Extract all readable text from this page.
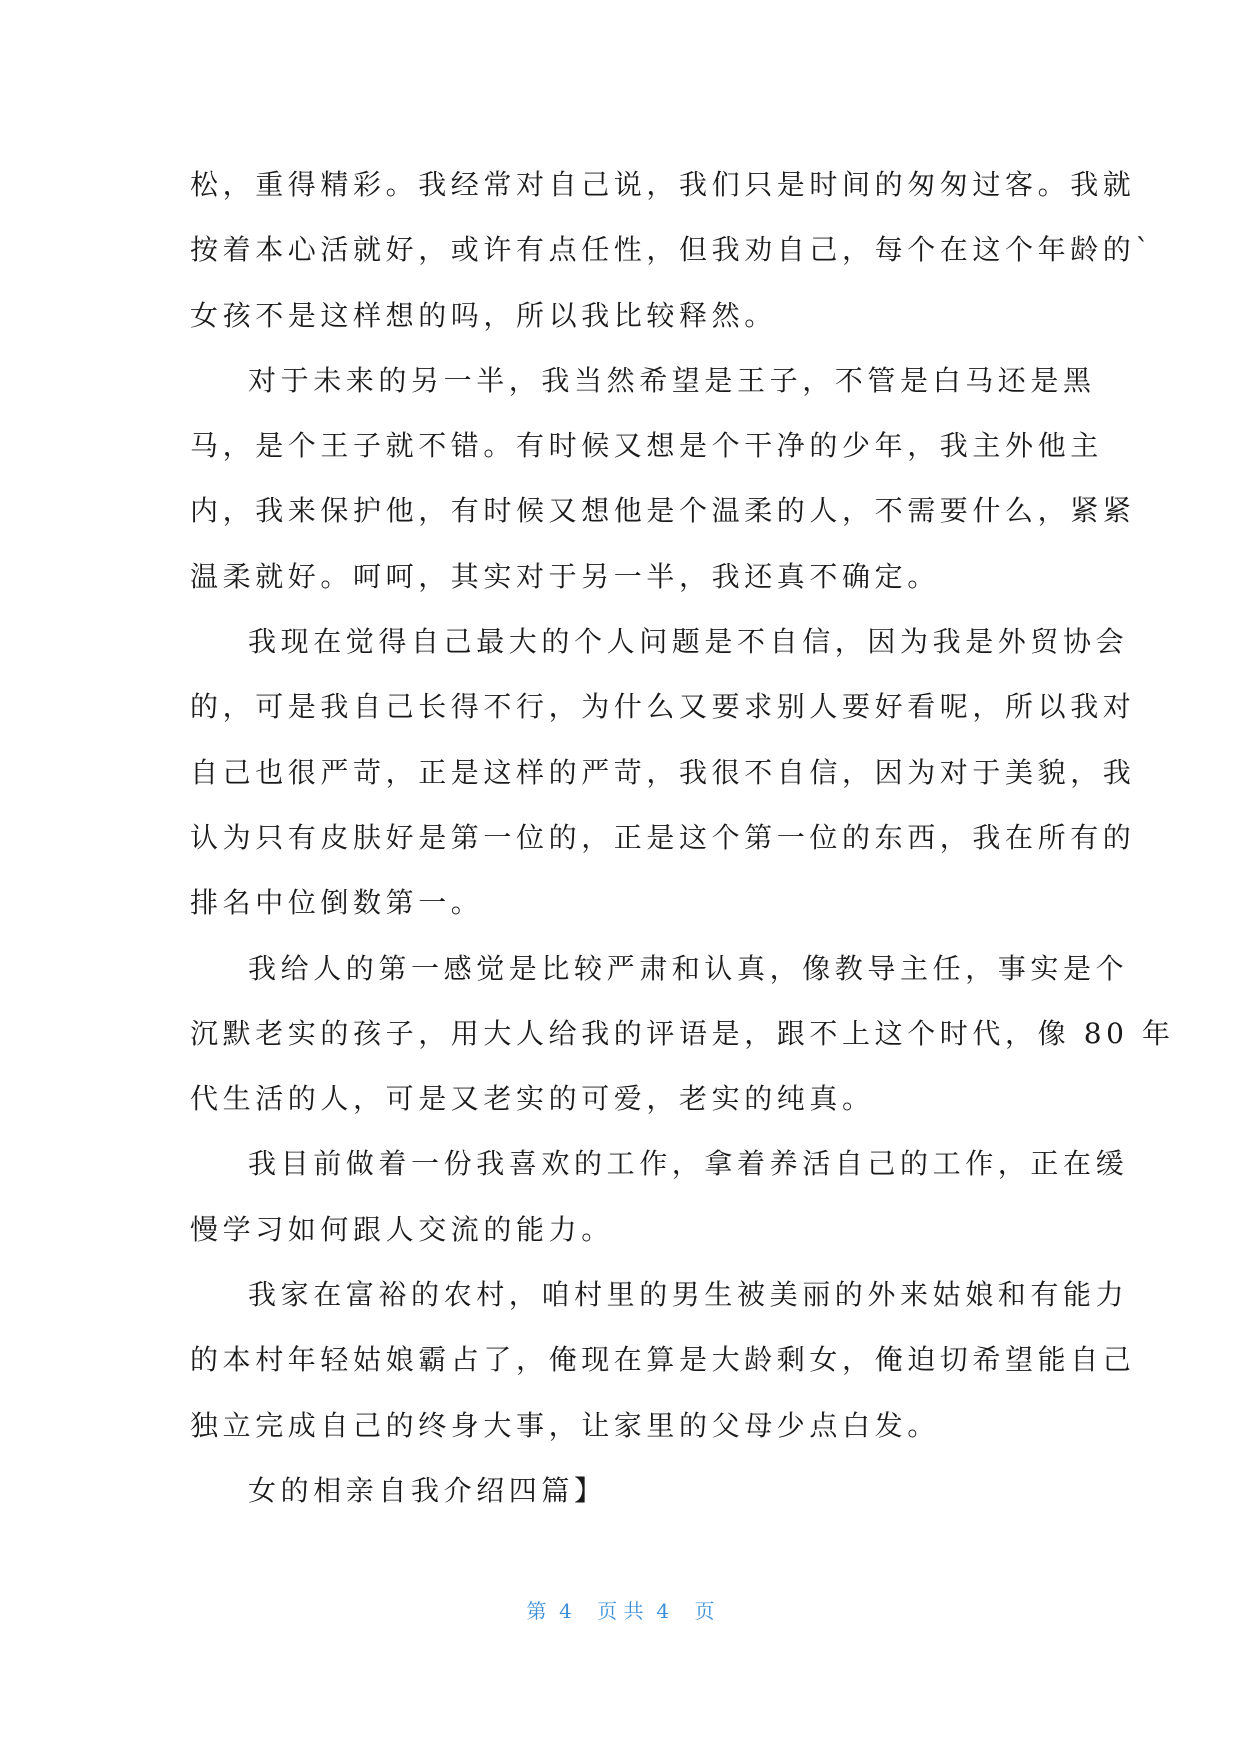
松，重得精彩。我经常对自己说，我们只是时间的匆匆过客。我就
按着本心活就好，或许有点任性，但我劝自己，每个在这个年龄的`
女孩不是这样想的吗，所以我比较释然。
对于未来的另一半，我当然希望是王子，不管是白马还是黑
马，是个王子就不错。有时候又想是个干净的少年，我主外他主
内，我来保护他，有时候又想他是个温柔的人，不需要什么，紧紧
温柔就好。呵呵，其实对于另一半，我还真不确定。
我现在觉得自己最大的个人问题是不自信，因为我是外贸协会
的，可是我自己长得不行，为什么又要求别人要好看呢，所以我对
自己也很严苛，正是这样的严苛，我很不自信，因为对于美貌，我
认为只有皮肤好是第一位的，正是这个第一位的东西，我在所有的
排名中位倒数第一。
我给人的第一感觉是比较严肃和认真，像教导主任，事实是个
沉默老实的孩子，用大人给我的评语是，跟不上这个时代，像 80 年
代生活的人，可是又老实的可爱，老实的纯真。
我目前做着一份我喜欢的工作，拿着养活自己的工作，正在缓
慢学习如何跟人交流的能力。
我家在富裕的农村，咱村里的男生被美丽的外来姑娘和有能力
的本村年轻姑娘霸占了，俺现在算是大龄剩女，俺迫切希望能自己
独立完成自己的终身大事，让家里的父母少点白发。
女的相亲自我介绍四篇】
第  4    页 共  4    页
